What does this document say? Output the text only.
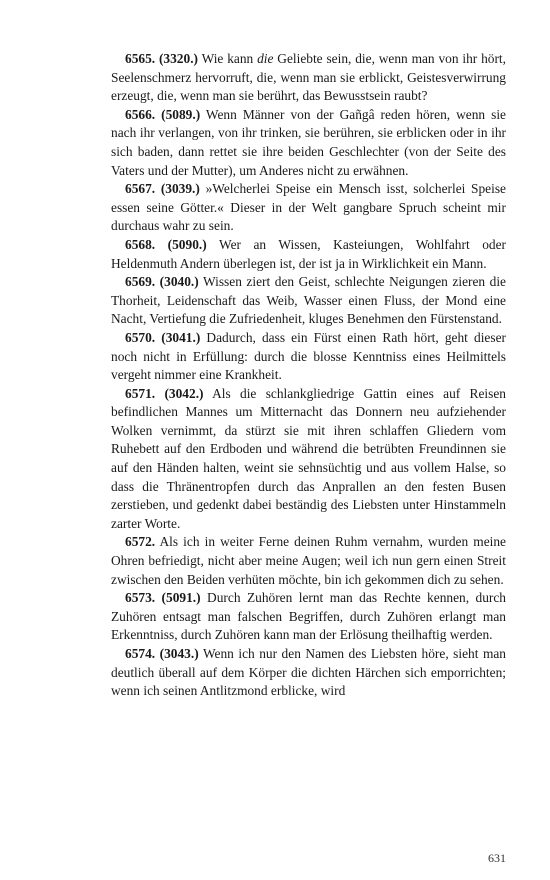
6565. (3320.) Wie kann die Geliebte sein, die, wenn man von ihr hört, Seelenschmerz hervorruft, die, wenn man sie erblickt, Geistesverwirrung erzeugt, die, wenn man sie berührt, das Bewusstsein raubt?

6566. (5089.) Wenn Männer von der Gañgâ reden hören, wenn sie nach ihr verlangen, von ihr trinken, sie berühren, sie erblicken oder in ihr sich baden, dann rettet sie ihre beiden Geschlechter (von der Seite des Vaters und der Mutter), um Anderes nicht zu erwähnen.

6567. (3039.) »Welcherlei Speise ein Mensch isst, solcherlei Speise essen seine Götter.« Dieser in der Welt gangbare Spruch scheint mir durchaus wahr zu sein.

6568. (5090.) Wer an Wissen, Kasteiungen, Wohlfahrt oder Heldenmuth Andern überlegen ist, der ist ja in Wirklichkeit ein Mann.

6569. (3040.) Wissen ziert den Geist, schlechte Neigungen zieren die Thorheit, Leidenschaft das Weib, Wasser einen Fluss, der Mond eine Nacht, Vertiefung die Zufriedenheit, kluges Benehmen den Fürstenstand.

6570. (3041.) Dadurch, dass ein Fürst einen Rath hört, geht dieser noch nicht in Erfüllung: durch die blosse Kenntniss eines Heilmittels vergeht nimmer eine Krankheit.

6571. (3042.) Als die schlankgliedrige Gattin eines auf Reisen befindlichen Mannes um Mitternacht das Donnern neu aufziehender Wolken vernimmt, da stürzt sie mit ihren schlaffen Gliedern vom Ruhebett auf den Erdboden und während die betrübten Freundinnen sie auf den Händen halten, weint sie sehnsüchtig und aus vollem Halse, so dass die Thränentropfen durch das Anprallen an den festen Busen zerstieben, und gedenkt dabei beständig des Liebsten unter Hinstammeln zarter Worte.

6572. Als ich in weiter Ferne deinen Ruhm vernahm, wurden meine Ohren befriedigt, nicht aber meine Augen; weil ich nun gern einen Streit zwischen den Beiden verhüten möchte, bin ich gekommen dich zu sehen.

6573. (5091.) Durch Zuhören lernt man das Rechte kennen, durch Zuhören entsagt man falschen Begriffen, durch Zuhören erlangt man Erkenntniss, durch Zuhören kann man der Erlösung theilhaftig werden.

6574. (3043.) Wenn ich nur den Namen des Liebsten höre, sieht man deutlich überall auf dem Körper die dichten Härchen sich emporrichten; wenn ich seinen Antlitzmond erblicke, wird

631
